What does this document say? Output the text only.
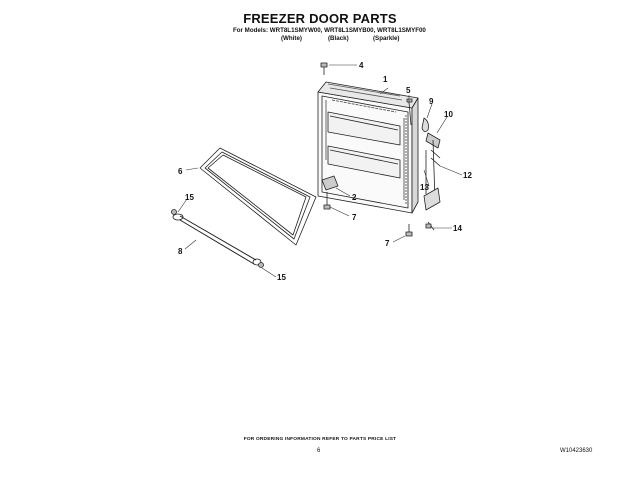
FREEZER DOOR PARTS
For Models: WRT8L1SMYW00, WRT8L1SMYB00, WRT8L1SMYF00
(White)	(Black)	(Sparkle)
4
1
5
9
10
12
13
2
7
14
7
6
15
8
15
FOR ORDERING INFORMATION REFER TO PARTS PRICE LIST
6	W10423630
